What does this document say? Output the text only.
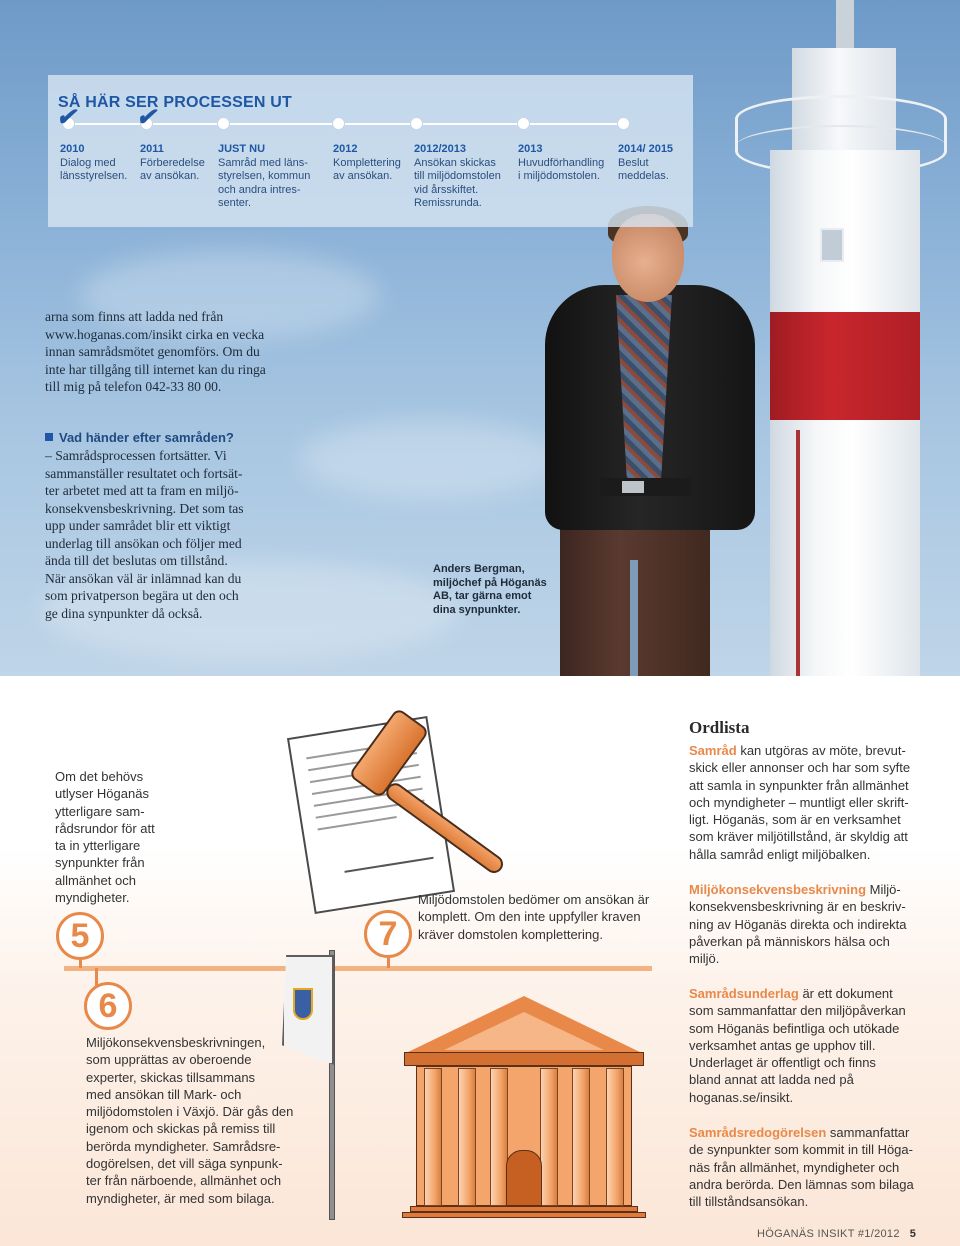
SÅ HÄR SER PROCESSEN UT
✔ ✔
2010
Dialog med
länsstyrelsen.
2011
Förberedelse
av ansökan.
JUST NU
Samråd med läns-
styrelsen, kommun
och andra intres-
senter.
2012
Komplettering
av ansökan.
2012/2013
Ansökan skickas
till miljödomstolen
vid årsskiftet.
Remissrunda.
2013
Huvudförhandling
i miljödomstolen.
2014/ 2015
Beslut
meddelas.
arna som finns att ladda ned från www.hoganas.com/insikt cirka en vecka innan samrådsmötet genomförs. Om du inte har tillgång till internet kan du ringa till mig på telefon 042-33 80 00.
Vad händer efter samråden?
– Samrådsprocessen fortsätter. Vi
sammanställer resultatet och fortsät-
ter arbetet med att ta fram en miljö-
konsekvensbeskrivning. Det som tas
upp under samrådet blir ett viktigt
underlag till ansökan och följer med
ända till det beslutas om tillstånd.
När ansökan väl är inlämnad kan du
som privatperson begära ut den och
ge dina synpunkter då också.
Anders Bergman,
miljöchef på Höganäs
AB, tar gärna emot
dina synpunkter.
Om det behövs
utlyser Höganäs
ytterligare sam-
rådsrundor för att
ta in ytterligare
synpunkter från
allmänhet och
myndigheter.
5
6
Miljökonsekvensbeskrivningen,
som upprättas av oberoende
experter, skickas tillsammans
med ansökan till Mark- och
miljödomstolen i Växjö. Där gås den
igenom och skickas på remiss till
berörda myndigheter. Samrådsre-
dogörelsen, det vill säga synpunk-
ter från närboende, allmänhet och
myndigheter, är med som bilaga.
7
Miljödomstolen bedömer om ansökan är
komplett. Om den inte uppfyller kraven
kräver domstolen komplettering.
Ordlista
Samråd kan utgöras av möte, brevut-
skick eller annonser och har som syfte
att samla in synpunkter från allmänhet
och myndigheter – muntligt eller skrift-
ligt. Höganäs, som är en verksamhet
som kräver miljötillstånd, är skyldig att
hålla samråd enligt miljöbalken.
Miljökonsekvensbeskrivning Miljö-
konsekvensbeskrivning är en beskriv-
ning av Höganäs direkta och indirekta
påverkan på människors hälsa och
miljö.
Samrådsunderlag är ett dokument
som sammanfattar den miljöpåverkan
som Höganäs befintliga och utökade
verksamhet antas ge upphov till.
Underlaget är offentligt och finns
bland annat att ladda ned på
hoganas.se/insikt.
Samrådsredogörelsen sammanfattar
de synpunkter som kommit in till Höga-
näs från allmänhet, myndigheter och
andra berörda. Den lämnas som bilaga
till tillståndsansökan.
HÖGANÄS INSIKT #1/2012 5
